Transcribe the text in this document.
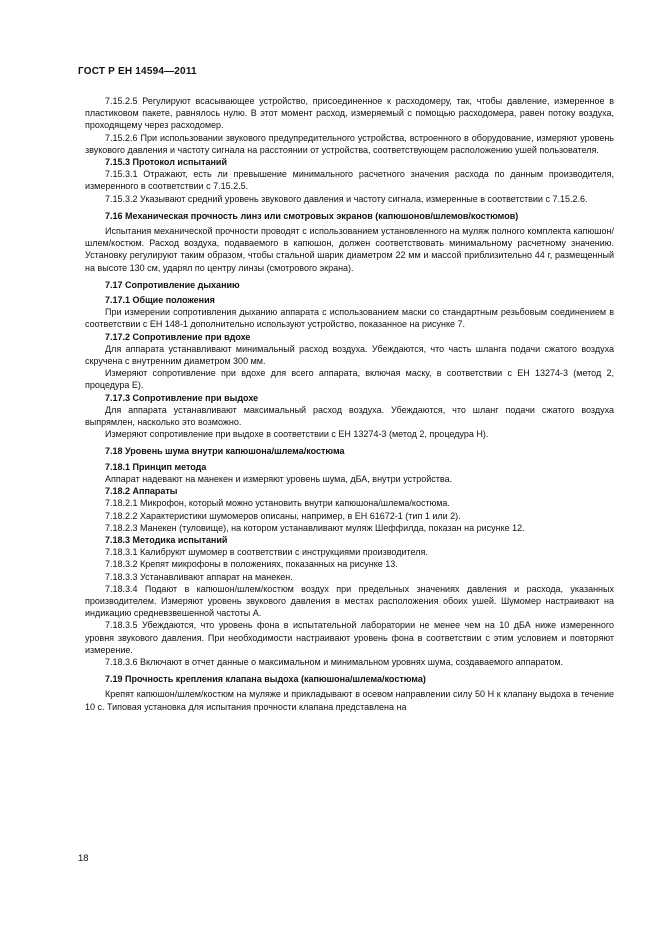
ГОСТ Р ЕН 14594—2011

7.15.2.5 Регулируют всасывающее устройство, присоединенное к расходомеру, так, чтобы давление, измеренное в пластиковом пакете, равнялось нулю. В этот момент расход, измеряемый с помощью расходомера, равен потоку воздуха, проходящему через расходомер.

7.15.2.6 При использовании звукового предупредительного устройства, встроенного в оборудование, измеряют уровень звукового давления и частоту сигнала на расстоянии от устройства, соответствующем расположению ушей пользователя.

7.15.3 Протокол испытаний

7.15.3.1 Отражают, есть ли превышение минимального расчетного значения расхода по данным производителя, измеренного в соответствии с 7.15.2.5.

7.15.3.2 Указывают средний уровень звукового давления и частоту сигнала, измеренные в соответствии с 7.15.2.6.

7.16 Механическая прочность линз или смотровых экранов (капюшонов/шлемов/костюмов)

Испытания механической прочности проводят с использованием установленного на муляж полного комплекта капюшон/шлем/костюм. Расход воздуха, подаваемого в капюшон, должен соответствовать минимальному расчетному значению. Установку регулируют таким образом, чтобы стальной шарик диаметром 22 мм и массой приблизительно 44 г, размещенный на высоте 130 см, ударял по центру линзы (смотрового экрана).

7.17 Сопротивление дыханию

7.17.1 Общие положения

При измерении сопротивления дыханию аппарата с использованием маски со стандартным резьбовым соединением в соответствии с ЕН 148-1 дополнительно используют устройство, показанное на рисунке 7.

7.17.2 Сопротивление при вдохе

Для аппарата устанавливают минимальный расход воздуха. Убеждаются, что часть шланга подачи сжатого воздуха скручена с внутренним диаметром 300 мм.

Измеряют сопротивление при вдохе для всего аппарата, включая маску, в соответствии с ЕН 13274-3 (метод 2, процедура Е).

7.17.3 Сопротивление при выдохе

Для аппарата устанавливают максимальный расход воздуха. Убеждаются, что шланг подачи сжатого воздуха выпрямлен, насколько это возможно.

Измеряют сопротивление при выдохе в соответствии с ЕН 13274-3 (метод 2, процедура Н).

7.18 Уровень шума внутри капюшона/шлема/костюма

7.18.1 Принцип метода

Аппарат надевают на манекен и измеряют уровень шума, дБА, внутри устройства.

7.18.2 Аппараты

7.18.2.1 Микрофон, который можно установить внутри капюшона/шлема/костюма.

7.18.2.2 Характеристики шумомеров описаны, например, в ЕН 61672-1 (тип 1 или 2).

7.18.2.3 Манекен (туловище), на котором устанавливают муляж Шеффилда, показан на рисунке 12.

7.18.3 Методика испытаний

7.18.3.1 Калибруют шумомер в соответствии с инструкциями производителя.

7.18.3.2 Крепят микрофоны в положениях, показанных на рисунке 13.

7.18.3.3 Устанавливают аппарат на манекен.

7.18.3.4 Подают в капюшон/шлем/костюм воздух при предельных значениях давления и расхода, указанных производителем. Измеряют уровень звукового давления в местах расположения обоих ушей. Шумомер настраивают на индикацию средневзвешенной частоты А.

7.18.3.5 Убеждаются, что уровень фона в испытательной лаборатории не менее чем на 10 дБА ниже измеренного уровня звукового давления. При необходимости настраивают уровень фона в соответствии с этим условием и повторяют измерение.

7.18.3.6 Включают в отчет данные о максимальном и минимальном уровнях шума, создаваемого аппаратом.

7.19 Прочность крепления клапана выдоха (капюшона/шлема/костюма)

Крепят капюшон/шлем/костюм на муляже и прикладывают в осевом направлении силу 50 Н к клапану выдоха в течение 10 с. Типовая установка для испытания прочности клапана представлена на

18
